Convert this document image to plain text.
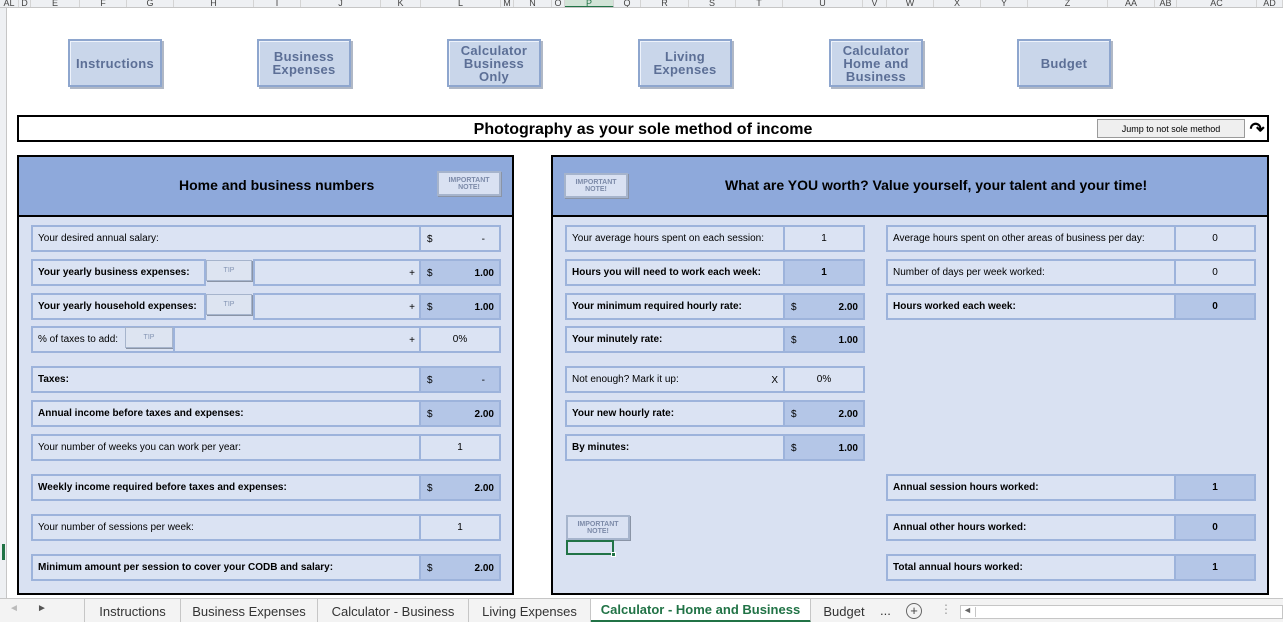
AL D	E	F	G	H	I	J	K	L	M	N	O	P	Q	R	S	T	U	V	W	X	Y	Z	AA	AB	AC	AD
Instructions	Business
Expenses
Calculator
Business
Only
Living
Expenses
Calculator
Home and
Business
Budget
Photography as your sole method of income	Jump to not sole method	↷
Home and business numbers	IMPORTANT
NOTE!
Your desired annual salary:	$	-
Your yearly business expenses:	TIP	+ $	1.00
Your yearly household expenses:	TIP	+ $	1.00
% of taxes to add:	TIP	+	0%
Taxes:	$	-
Annual income before taxes and expenses:	$	2.00
Your number of weeks you can work per year:	1
Weekly income required before taxes and expenses:	$	2.00
Your number of sessions per week:	1
Minimum amount per session to cover your CODB and salary:	$	2.00
IMPORTANT
NOTE!	What are YOU worth? Value yourself, your talent and your time!
Your average hours spent on each session:	1
Hours you will need to work each week:	1
Your minimum required hourly rate:	$	2.00
Your minutely rate:	$	1.00
Not enough? Mark it up:	X	0%
Your new hourly rate:	$	2.00
By minutes:	$	1.00
IMPORTANT
NOTE!
Average hours spent on other areas of business per day:	0
Number of days per week worked:	0
Hours worked each week:	0
Annual session hours worked:	1
Annual other hours worked:	0
Total annual hours worked:	1
◄ ►	Instructions	Business Expenses	Calculator - Business	Living Expenses	Calculator - Home and Business	Budget	...	+	⋮ ◄
